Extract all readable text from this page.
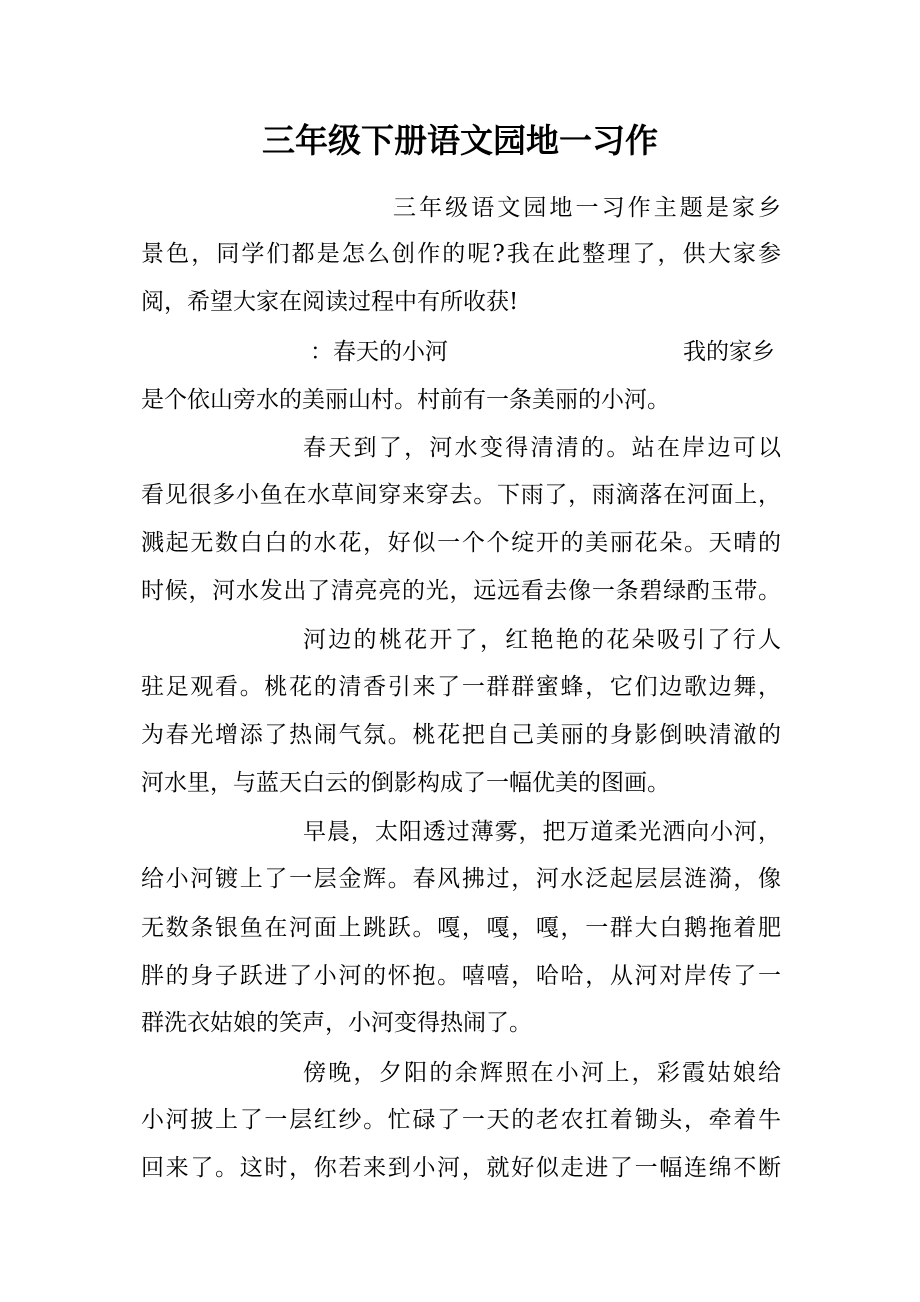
三年级下册语文园地一习作
三年级语文园地一习作主题是家乡
景色，同学们都是怎么创作的呢?我在此整理了，供大家参
阅，希望大家在阅读过程中有所收获!
：春天的小河	我的家乡
是个依山旁水的美丽山村。村前有一条美丽的小河。
春天到了，河水变得清清的。站在岸边可以
看见很多小鱼在水草间穿来穿去。下雨了，雨滴落在河面上，
溅起无数白白的水花，好似一个个绽开的美丽花朵。天晴的
时候，河水发出了清亮亮的光，远远看去像一条碧绿酌玉带。
河边的桃花开了，红艳艳的花朵吸引了行人
驻足观看。桃花的清香引来了一群群蜜蜂，它们边歌边舞，
为春光增添了热闹气氛。桃花把自己美丽的身影倒映清澈的
河水里，与蓝天白云的倒影构成了一幅优美的图画。
早晨，太阳透过薄雾，把万道柔光洒向小河，
给小河镀上了一层金辉。春风拂过，河水泛起层层涟漪，像
无数条银鱼在河面上跳跃。嘎，嘎，嘎，一群大白鹅拖着肥
胖的身子跃进了小河的怀抱。嘻嘻，哈哈，从河对岸传了一
群洗衣姑娘的笑声，小河变得热闹了。
傍晚，夕阳的余辉照在小河上，彩霞姑娘给
小河披上了一层红纱。忙碌了一天的老农扛着锄头，牵着牛
回来了。这时，你若来到小河，就好似走进了一幅连绵不断
